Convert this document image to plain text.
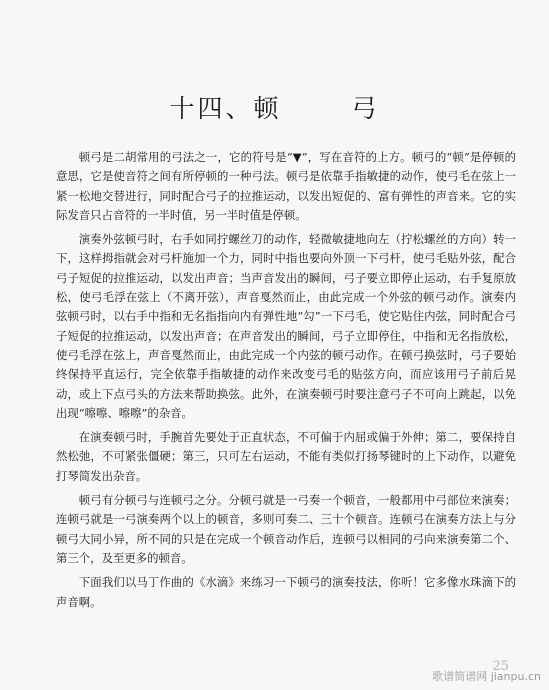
十四、顿	弓

顿弓是二胡常用的弓法之一，它的符号是“▼”，写在音符的上方。顿弓的“顿”是停顿的意思，它是使音符之间有所停顿的一种弓法。顿弓是依靠手指敏捷的动作，使弓毛在弦上一紧一松地交替进行，同时配合弓子的拉推运动，以发出短促的、富有弹性的声音来。它的实际发音只占音符的一半时值，另一半时值是停顿。

演奏外弦顿弓时，右手如同拧螺丝刀的动作，轻微敏捷地向左（拧松螺丝的方向）转一下，这样拇指就会对弓杆施加一个力，同时中指也要向外顶一下弓杆，使弓毛贴外弦，配合弓子短促的拉推运动，以发出声音；当声音发出的瞬间，弓子要立即停止运动，右手复原放松，使弓毛浮在弦上（不离开弦），声音戛然而止，由此完成一个外弦的顿弓动作。演奏内弦顿弓时，以右手中指和无名指指向内有弹性地“勾”一下弓毛，使它贴住内弦，同时配合弓子短促的拉推运动，以发出声音；在声音发出的瞬间，弓子立即停住，中指和无名指放松，使弓毛浮在弦上，声音戛然而止，由此完成一个内弦的顿弓动作。在顿弓换弦时，弓子要始终保持平直运行，完全依靠手指敏捷的动作来改变弓毛的贴弦方向，而应该用弓子前后晃动，或上下点弓头的方法来帮助换弦。此外，在演奏顿弓时要注意弓子不可向上跳起，以免出现“嚓嚓、嚓嚓”的杂音。

在演奏顿弓时，手腕首先要处于正直状态，不可偏于内屈或偏于外伸；第二，要保持自然松弛，不可紧张僵硬；第三，只可左右运动，不能有类似打扬琴键时的上下动作，以避免打琴简发出杂音。

顿弓有分顿弓与连顿弓之分。分顿弓就是一弓奏一个顿音，一般都用中弓部位来演奏；连顿弓就是一弓演奏两个以上的顿音，多则可奏二、三十个顿音。连顿弓在演奏方法上与分顿弓大同小异，所不同的只是在完成一个顿音动作后，连顿弓以相同的弓向来演奏第二个、第三个，及至更多的顿音。

下面我们以马丁作曲的《水滴》来练习一下顿弓的演奏技法，你听！它多像水珠滴下的声音啊。

25
歌谱简谱网 jianpu.cn
